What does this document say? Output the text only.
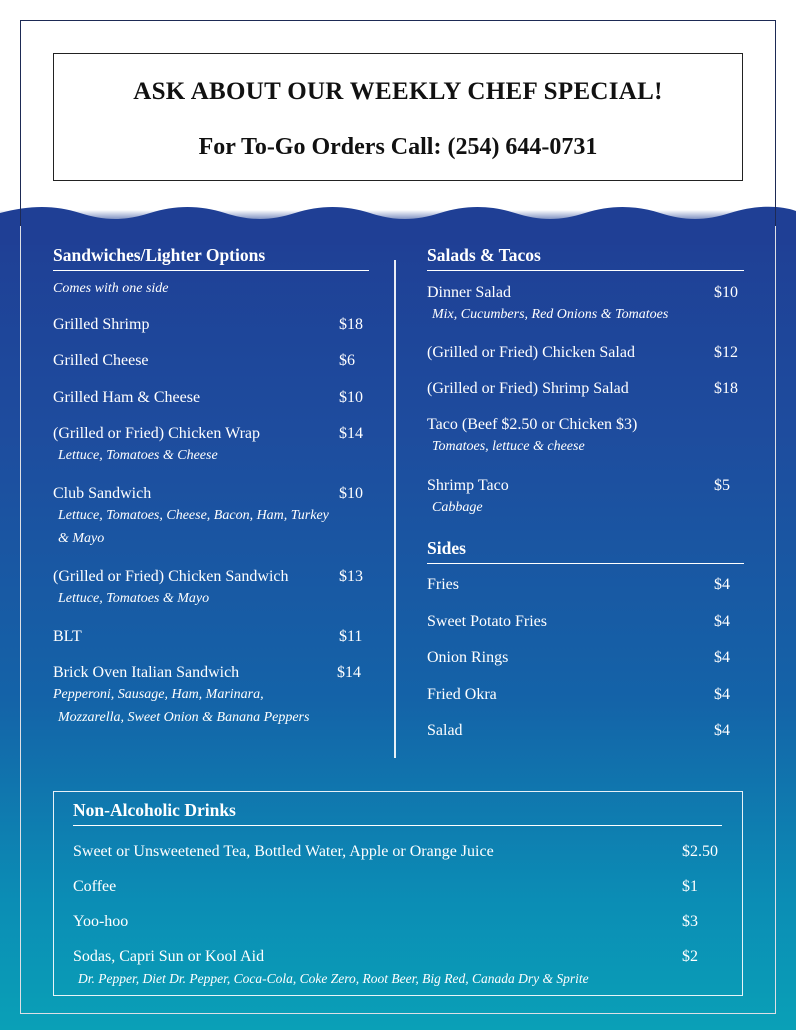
ASK ABOUT OUR WEEKLY CHEF SPECIAL!
For To-Go Orders Call: (254) 644-0731
Sandwiches/Lighter Options
Comes with one side
Grilled Shrimp	$18
Grilled Cheese	$6
Grilled Ham & Cheese	$10
(Grilled or Fried) Chicken Wrap	$14
Lettuce, Tomatoes & Cheese
Club Sandwich	$10
Lettuce, Tomatoes, Cheese, Bacon, Ham, Turkey
& Mayo
(Grilled or Fried) Chicken Sandwich	$13
Lettuce, Tomatoes & Mayo
BLT	$11
Brick Oven Italian Sandwich	$14
Pepperoni, Sausage, Ham, Marinara,
Mozzarella, Sweet Onion & Banana Peppers
Salads & Tacos
Dinner Salad	$10
Mix, Cucumbers, Red Onions & Tomatoes
(Grilled or Fried) Chicken Salad	$12
(Grilled or Fried) Shrimp Salad	$18
Taco (Beef $2.50 or Chicken $3)
Tomatoes, lettuce & cheese
Shrimp Taco	$5
Cabbage
Sides
Fries	$4
Sweet Potato Fries	$4
Onion Rings	$4
Fried Okra	$4
Salad	$4
Non-Alcoholic Drinks
Sweet or Unsweetened Tea, Bottled Water, Apple or Orange Juice	$2.50
Coffee	$1
Yoo-hoo	$3
Sodas, Capri Sun or Kool Aid	$2
Dr. Pepper, Diet Dr. Pepper, Coca-Cola, Coke Zero, Root Beer, Big Red, Canada Dry & Sprite
